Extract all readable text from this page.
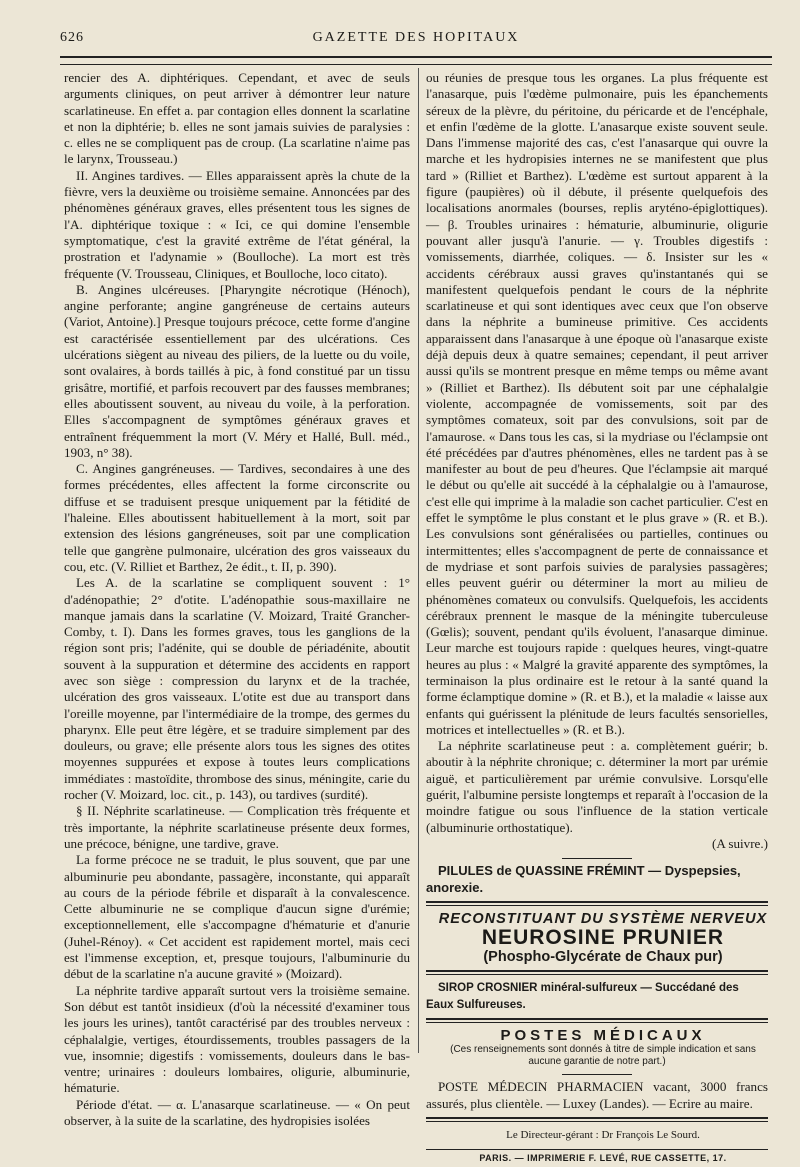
626	GAZETTE DES HOPITAUX

rencier des A. diphtériques. Cependant, et avec de seuls arguments cliniques, on peut arriver à démontrer leur nature scarlatineuse. En effet a. par contagion elles donnent la scarlatine et non la diphtérie; b. elles ne sont jamais suivies de paralysies : c. elles ne se compliquent pas de croup. (La scarlatine n'aime pas le larynx, Trousseau.)

II. Angines tardives. — Elles apparaissent après la chute de la fièvre, vers la deuxième ou troisième semaine. Annoncées par des phénomènes généraux graves, elles présentent tous les signes de l'A. diphtérique toxique : « Ici, ce qui domine l'ensemble symptomatique, c'est la gravité extrême de l'état général, la prostration et l'adynamie » (Boulloche). La mort est très fréquente (V. Trousseau, Cliniques, et Boulloche, loco citato).

B. Angines ulcéreuses. [Pharyngite nécrotique (Hénoch), angine perforante; angine gangréneuse de certains auteurs (Variot, Antoine).] Presque toujours précoce, cette forme d'angine est caractérisée essentiellement par des ulcérations. Ces ulcérations siègent au niveau des piliers, de la luette ou du voile, sont ovalaires, à bords taillés à pic, à fond constitué par un tissu grisâtre, mortifié, et parfois recouvert par des fausses membranes; elles aboutissent souvent, au niveau du voile, à la perforation. Elles s'accompagnent de symptômes généraux graves et entraînent fréquemment la mort (V. Méry et Hallé, Bull. méd., 1903, n° 38).

C. Angines gangréneuses. — Tardives, secondaires à une des formes précédentes, elles affectent la forme circonscrite ou diffuse et se traduisent presque uniquement par la fétidité de l'haleine. Elles aboutissent habituellement à la mort, soit par extension des lésions gangréneuses, soit par une complication telle que gangrène pulmonaire, ulcération des gros vaisseaux du cou, etc. (V. Rilliet et Barthez, 2e édit., t. II, p. 390).

Les A. de la scarlatine se compliquent souvent : 1° d'adénopathie; 2° d'otite. L'adénopathie sous-maxillaire ne manque jamais dans la scarlatine (V. Moizard, Traité Grancher-Comby, t. I). Dans les formes graves, tous les ganglions de la région sont pris; l'adénite, qui se double de périadénite, aboutit souvent à la suppuration et détermine des accidents en rapport avec son siège : compression du larynx et de la trachée, ulcération des gros vaisseaux. L'otite est due au transport dans l'oreille moyenne, par l'intermédiaire de la trompe, des germes du pharynx. Elle peut être légère, et se traduire simplement par des douleurs, ou grave; elle présente alors tous les signes des otites moyennes suppurées et expose à toutes leurs complications immédiates : mastoïdite, thrombose des sinus, méningite, carie du rocher (V. Moizard, loc. cit., p. 143), ou tardives (surdité).

§ II. Néphrite scarlatineuse. — Complication très fréquente et très importante, la néphrite scarlatineuse présente deux formes, une précoce, bénigne, une tardive, grave.

La forme précoce ne se traduit, le plus souvent, que par une albuminurie peu abondante, passagère, inconstante, qui apparaît au cours de la période fébrile et disparaît à la convalescence. Cette albuminurie ne se complique d'aucun signe d'urémie; exceptionnellement, elle s'accompagne d'hématurie et d'anurie (Juhel-Rénoy). « Cet accident est rapidement mortel, mais ceci est l'immense exception, et, presque toujours, l'albuminurie du début de la scarlatine n'a aucune gravité » (Moizard).

La néphrite tardive apparaît surtout vers la troisième semaine. Son début est tantôt insidieux (d'où la nécessité d'examiner tous les jours les urines), tantôt caractérisé par des troubles nerveux : céphalalgie, vertiges, étourdissements, troubles passagers de la vue, insomnie; digestifs : vomissements, douleurs dans le bas-ventre; urinaires : douleurs lombaires, oligurie, albuminurie, hématurie.

Période d'état. — α. L'anasarque scarlatineuse. — « On peut observer, à la suite de la scarlatine, des hydropisies isolées

ou réunies de presque tous les organes. La plus fréquente est l'anasarque, puis l'œdème pulmonaire, puis les épanchements séreux de la plèvre, du péritoine, du péricarde et de l'encéphale, et enfin l'œdème de la glotte. L'anasarque existe souvent seule. Dans l'immense majorité des cas, c'est l'anasarque qui ouvre la marche et les hydropisies internes ne se manifestent que plus tard » (Rilliet et Barthez). L'œdème est surtout apparent à la figure (paupières) où il débute, il présente quelquefois des localisations anormales (bourses, replis aryténo-épiglottiques). — β. Troubles urinaires : hématurie, albuminurie, oligurie pouvant aller jusqu'à l'anurie. — γ. Troubles digestifs : vomissements, diarrhée, coliques. — δ. Insister sur les « accidents cérébraux aussi graves qu'instantanés qui se manifestent quelquefois pendant le cours de la néphrite scarlatineuse et qui sont identiques avec ceux que l'on observe dans la néphrite a bumineuse primitive. Ces accidents apparaissent dans l'anasarque à une époque où l'anasarque existe déjà depuis deux à quatre semaines; cependant, il peut arriver aussi qu'ils se montrent presque en même temps ou même avant » (Rilliet et Barthez). Ils débutent soit par une céphalalgie violente, accompagnée de vomissements, soit par des symptômes comateux, soit par des convulsions, soit par de l'amaurose. « Dans tous les cas, si la mydriase ou l'éclampsie ont été précédées par d'autres phénomènes, elles ne tardent pas à se manifester au bout de peu d'heures. Que l'éclampsie ait marqué le début ou qu'elle ait succédé à la céphalalgie ou à l'amaurose, c'est elle qui imprime à la maladie son cachet particulier. C'est en effet le symptôme le plus constant et le plus grave » (R. et B.). Les convulsions sont généralisées ou partielles, continues ou intermittentes; elles s'accompagnent de perte de connaissance et de mydriase et sont parfois suivies de paralysies passagères; elles peuvent guérir ou déterminer la mort au milieu de phénomènes comateux ou convulsifs. Quelquefois, les accidents cérébraux prennent le masque de la méningite tuberculeuse (Gœlis); souvent, pendant qu'ils évoluent, l'anasarque diminue. Leur marche est toujours rapide : quelques heures, vingt-quatre heures au plus : « Malgré la gravité apparente des symptômes, la terminaison la plus ordinaire est le retour à la santé quand la forme éclamptique domine » (R. et B.), et la maladie « laisse aux enfants qui guérissent la plénitude de leurs facultés sensorielles, motrices et intellectuelles » (R. et B.).

La néphrite scarlatineuse peut : a. complètement guérir; b. aboutir à la néphrite chronique; c. déterminer la mort par urémie aiguë, et particulièrement par urémie convulsive. Lorsqu'elle guérit, l'albumine persiste longtemps et reparaît à l'occasion de la moindre fatigue ou sous l'influence de la station verticale (albuminurie orthostatique).

(A suivre.)

PILULES de QUASSINE FRÉMINT — Dyspepsies, anorexie.

RECONSTITUANT DU SYSTÈME NERVEUX

NEUROSINE PRUNIER

(Phospho-Glycérate de Chaux pur)

SIROP CROSNIER minéral-sulfureux — Succédané des Eaux Sulfureuses.

POSTES MÉDICAUX

(Ces renseignements sont donnés à titre de simple indication et sans aucune garantie de notre part.)

POSTE MÉDECIN PHARMACIEN vacant, 3000 francs assurés, plus clientèle. — Luxey (Landes). — Ecrire au maire.

Le Directeur-gérant : Dr François Le Sourd.

PARIS. — IMPRIMERIE F. LEVÉ, RUE CASSETTE, 17.
